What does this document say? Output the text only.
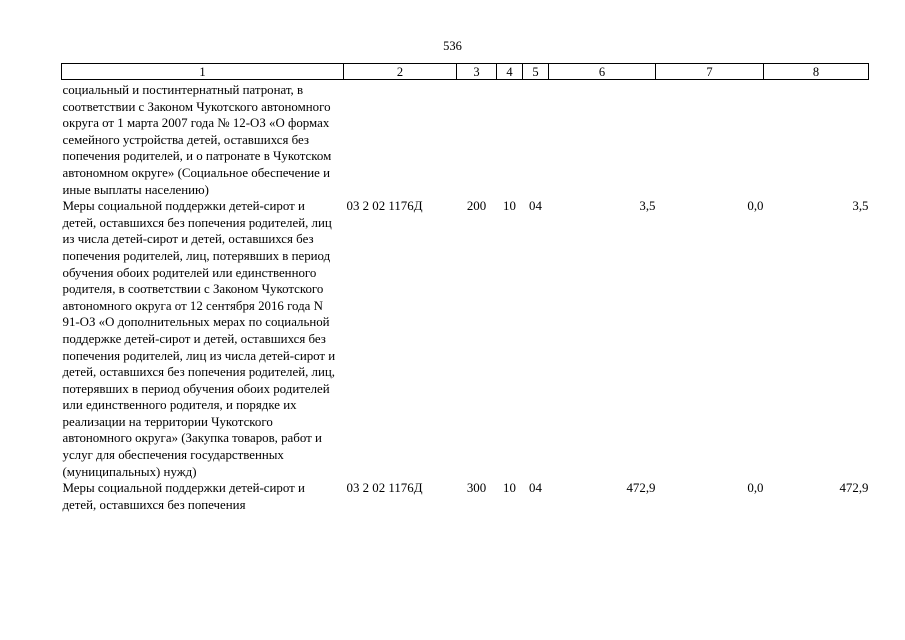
536
1	2	3	4	5	6	7	8
социальный и постинтернатный патронат, в соответствии с Законом Чукотского автономного округа от 1 марта 2007 года № 12-ОЗ «О формах семейного устройства детей, оставшихся без попечения родителей, и о патронате в Чукотском автономном округе» (Социальное обеспечение и иные выплаты населению)							
Меры социальной поддержки детей-сирот и детей, оставшихся без попечения родителей, лиц из числа детей-сирот и детей, оставшихся без попечения родителей, лиц, потерявших в период обучения обоих родителей или единственного родителя, в соответствии с Законом Чукотского автономного округа от 12 сентября 2016 года N 91-ОЗ «О дополнительных мерах по социальной поддержке детей-сирот и детей, оставшихся без попечения родителей, лиц из числа детей-сирот и детей, оставшихся без попечения родителей, лиц, потерявших в период обучения обоих родителей или единственного родителя, и порядке их реализации на территории Чукотского автономного округа» (Закупка товаров, работ и услуг для обеспечения государственных (муниципальных) нужд)	03 2 02 1176Д	200	10	04	3,5	0,0	3,5
Меры социальной поддержки детей-сирот и детей, оставшихся без попечения	03 2 02 1176Д	300	10	04	472,9	0,0	472,9
